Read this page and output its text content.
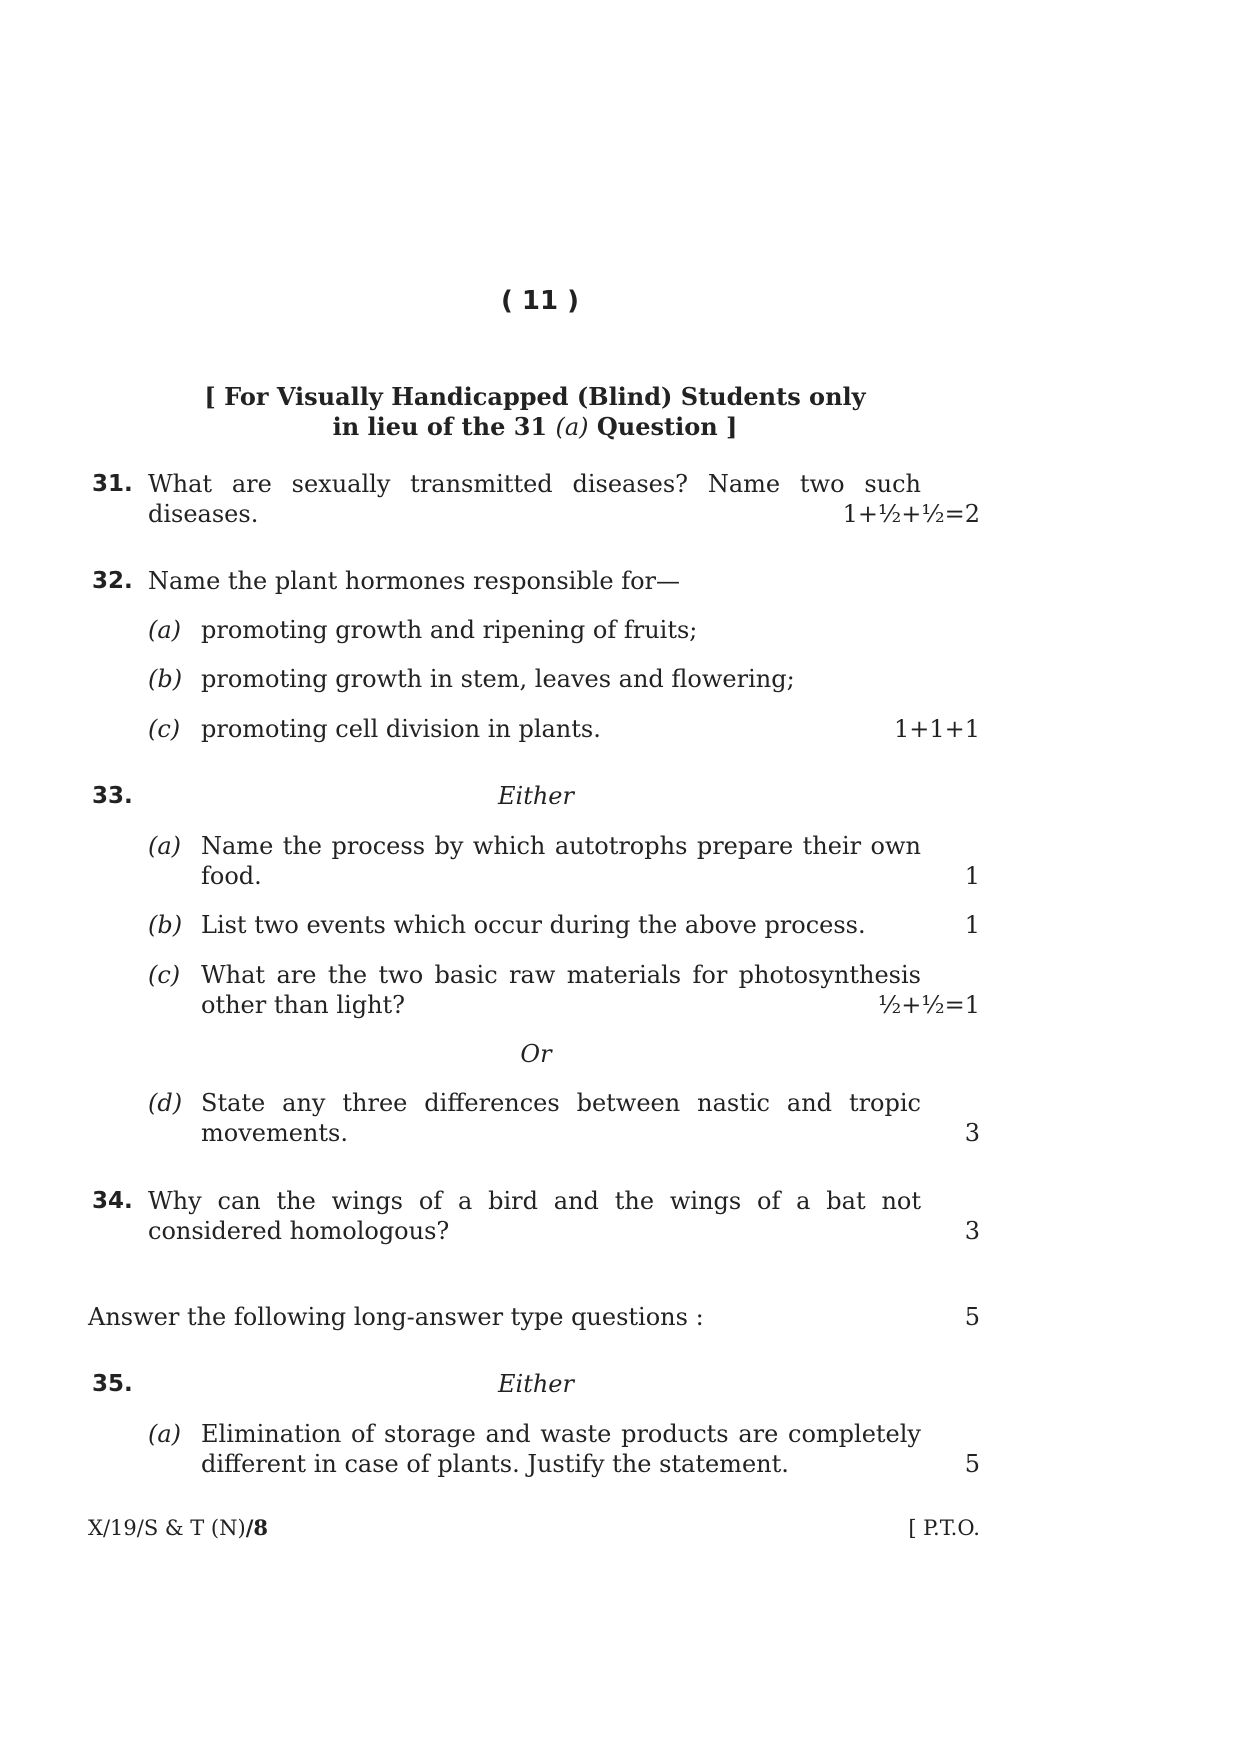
( 11 )
[ For Visually Handicapped (Blind) Students only
in lieu of the 31 (a) Question ]
31. What are sexually transmitted diseases? Name two such
diseases.	1+½+½=2
32. Name the plant hormones responsible for—
(a) promoting growth and ripening of fruits;
(b) promoting growth in stem, leaves and flowering;
(c) promoting cell division in plants.	1+1+1
33.	Either
(a) Name the process by which autotrophs prepare their own
food.	1
(b) List two events which occur during the above process.	1
(c) What are the two basic raw materials for photosynthesis
other than light?	½+½=1
Or
(d) State any three differences between nastic and tropic
movements.	3
34. Why can the wings of a bird and the wings of a bat not
considered homologous?	3
Answer the following long-answer type questions :	5
35.	Either
(a) Elimination of storage and waste products are completely
different in case of plants. Justify the statement.	5
X/19/S & T (N)/8	[ P.T.O.
